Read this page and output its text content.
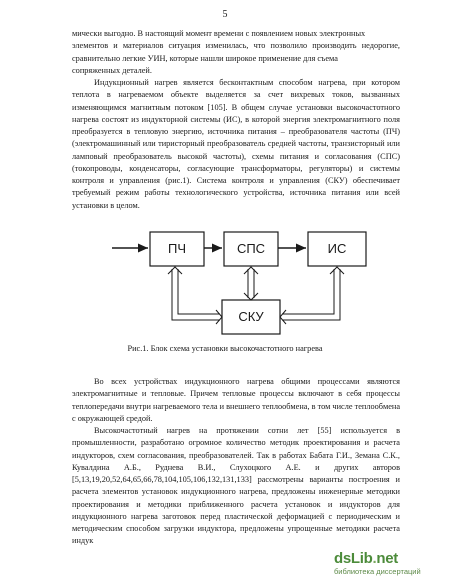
5

мически выгодно. В настоящий момент времени с появлением новых электронных

элементов и материалов ситуация изменилась, что позволило производить недорогие, сравнительно легкие УИН, которые нашли широкое применение для съема

сопряженных деталей.

Индукционный нагрев является бесконтактным способом нагрева, при котором теплота в нагреваемом объекте выделяется за счет вихревых токов, вызванных изменяющимся магнитным потоком [105]. В общем случае установки высокочастотного нагрева состоят из индукторной системы (ИС), в которой энергия электромагнитного поля преобразуется в тепловую энергию, источника питания – преобразователя частоты (ПЧ) (электромашинный или тиристорный преобразователь средней частоты, транзисторный или ламповый преобразователь высокой частоты), схемы питания и согласования (СПС) (токопроводы, конденсаторы, согласующие трансформаторы, регуляторы) и системы контроля и управления (рис.1). Система контроля и управления (СКУ) обеспечивает требуемый режим работы технологического устройства, источника питания или всей установки в целом.

ПЧ	СПС	ИС
СКУ
Рис.1. Блок схема установки высокочастотного нагрева

Во всех устройствах индукционного нагрева общими процессами являются электромагнитные и тепловые. Причем тепловые процессы включают в себя процессы теплопередачи внутри нагреваемого тела и внешнего теплообмена, в том числе теплообмена с окружающей средой.

Высокочастотный нагрев на протяжении сотни лет [55] используется в промышленности, разработано огромное количество методик проектирования и расчета индукторов, схем согласования, преобразователей. Так в работах Бабата Г.И., Земана С.К., Кувалдина А.Б., Руднева В.И., Слухоцкого А.Е. и других авторов [5,13,19,20,52,64,65,66,78,104,105,106,132,131,133] рассмотрены варианты построения и расчета элементов установок индукционного нагрева, предложены инженерные методики проектирования и методики приближенного расчета установок и индукторов для индукционного нагрева заготовок перед пластической деформацией с периодическим и методическим способом загрузки индуктора, предложены упрощенные методики расчета индук

dsLib.net
библиотека диссертаций
